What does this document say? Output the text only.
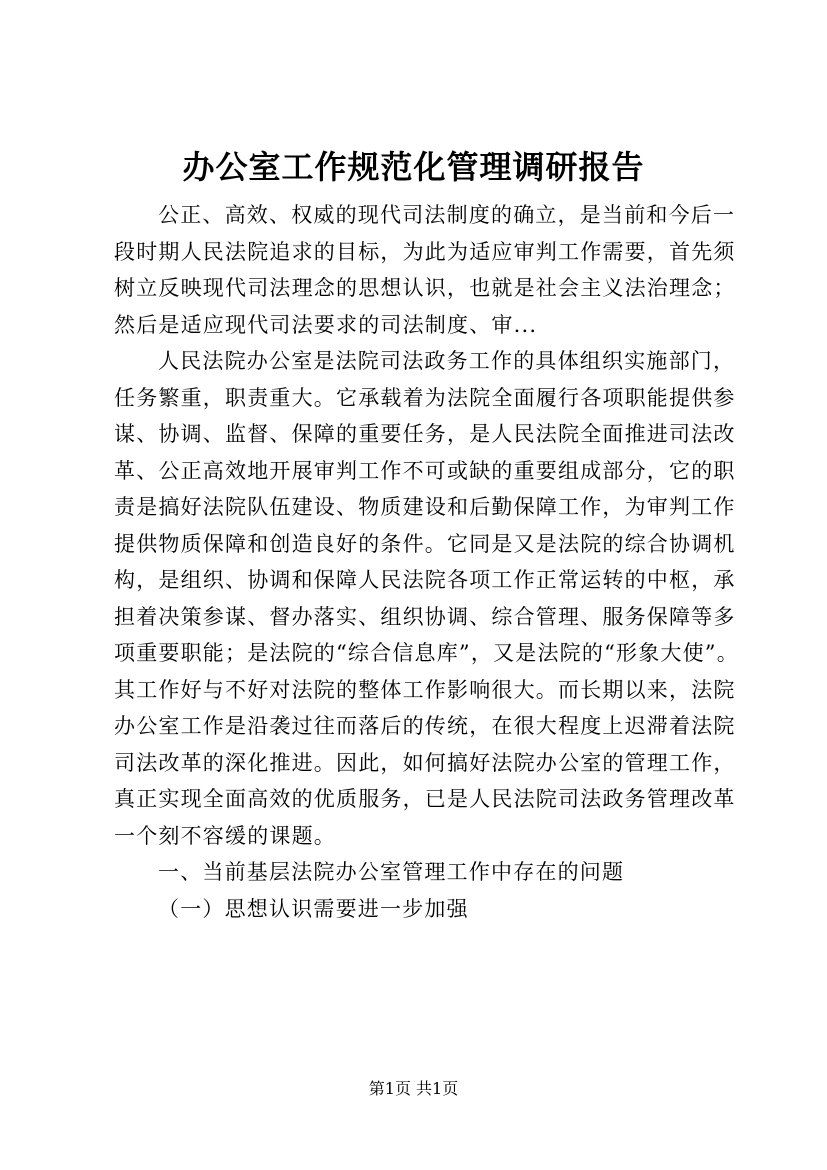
办公室工作规范化管理调研报告
公正、高效、权威的现代司法制度的确立，是当前和今后一
段时期人民法院追求的目标，为此为适应审判工作需要，首先须
树立反映现代司法理念的思想认识，也就是社会主义法治理念；
然后是适应现代司法要求的司法制度、审...
人民法院办公室是法院司法政务工作的具体组织实施部门，
任务繁重，职责重大。它承载着为法院全面履行各项职能提供参
谋、协调、监督、保障的重要任务，是人民法院全面推进司法改
革、公正高效地开展审判工作不可或缺的重要组成部分，它的职
责是搞好法院队伍建设、物质建设和后勤保障工作，为审判工作
提供物质保障和创造良好的条件。它同是又是法院的综合协调机
构，是组织、协调和保障人民法院各项工作正常运转的中枢，承
担着决策参谋、督办落实、组织协调、综合管理、服务保障等多
项重要职能；是法院的“综合信息库”，又是法院的“形象大使”。
其工作好与不好对法院的整体工作影响很大。而长期以来，法院
办公室工作是沿袭过往而落后的传统，在很大程度上迟滞着法院
司法改革的深化推进。因此，如何搞好法院办公室的管理工作，
真正实现全面高效的优质服务，已是人民法院司法政务管理改革
一个刻不容缓的课题。
一、当前基层法院办公室管理工作中存在的问题
（一）思想认识需要进一步加强
第1页 共1页
